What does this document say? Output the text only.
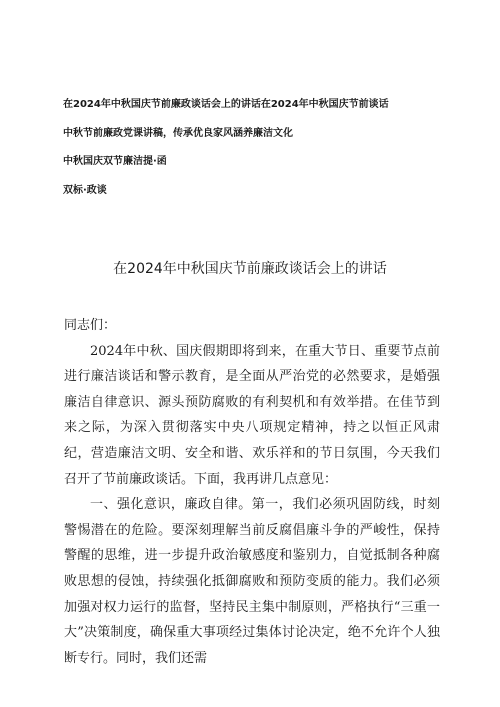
在2024年中秋国庆节前廉政谈话会上的讲话在2024年中秋国庆节前谈话
中秋节前廉政党课讲稿，传承优良家风涵养廉洁文化
中秋国庆双节廉洁提·函
双标·政谈
在2024年中秋国庆节前廉政谈话会上的讲话

同志们：

2024年中秋、国庆假期即将到来，在重大节日、重要节点前进行廉洁谈话和警示教育，是全面从严治党的必然要求，是婚强廉洁自律意识、源头预防腐败的有利契机和有效举措。在佳节到来之际，为深入贯彻落实中央八项规定精神，持之以恒正风肃纪，营造廉洁文明、安全和谐、欢乐祥和的节日氛围，今天我们召开了节前廉政谈话。下面，我再讲几点意见：

一、强化意识，廉政自律。第一，我们必须巩固防线，时刻警惕潜在的危险。要深刻理解当前反腐倡廉斗争的严峻性，保持警醒的思维，进一步提升政治敏感度和鉴别力，自觉抵制各种腐败思想的侵蚀，持续强化抵御腐败和预防变质的能力。我们必须加强对权力运行的监督，坚持民主集中制原则，严格执行“三重一大”决策制度，确保重大事项经过集体讨论决定，绝不允许个人独断专行。同时，我们还需
